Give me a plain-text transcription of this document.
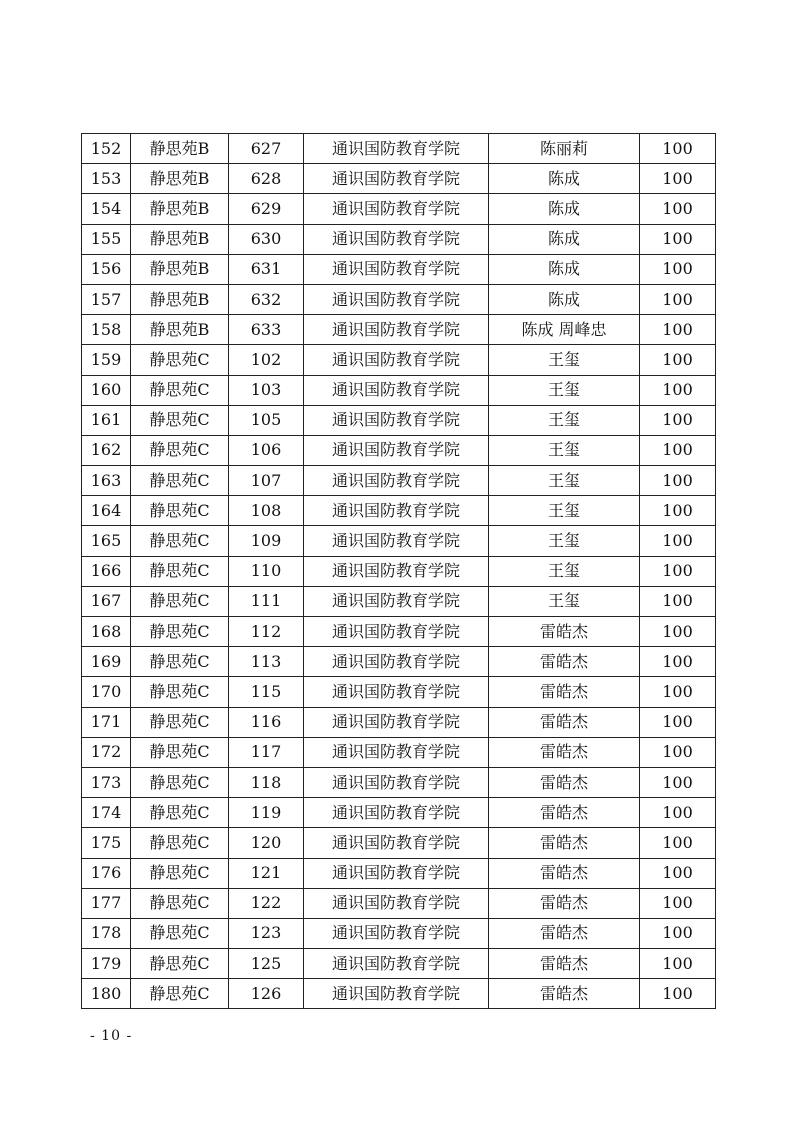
152	静思苑B	627	通识国防教育学院	陈丽莉	100
153	静思苑B	628	通识国防教育学院	陈成	100
154	静思苑B	629	通识国防教育学院	陈成	100
155	静思苑B	630	通识国防教育学院	陈成	100
156	静思苑B	631	通识国防教育学院	陈成	100
157	静思苑B	632	通识国防教育学院	陈成	100
158	静思苑B	633	通识国防教育学院	陈成 周峰忠	100
159	静思苑C	102	通识国防教育学院	王玺	100
160	静思苑C	103	通识国防教育学院	王玺	100
161	静思苑C	105	通识国防教育学院	王玺	100
162	静思苑C	106	通识国防教育学院	王玺	100
163	静思苑C	107	通识国防教育学院	王玺	100
164	静思苑C	108	通识国防教育学院	王玺	100
165	静思苑C	109	通识国防教育学院	王玺	100
166	静思苑C	110	通识国防教育学院	王玺	100
167	静思苑C	111	通识国防教育学院	王玺	100
168	静思苑C	112	通识国防教育学院	雷皓杰	100
169	静思苑C	113	通识国防教育学院	雷皓杰	100
170	静思苑C	115	通识国防教育学院	雷皓杰	100
171	静思苑C	116	通识国防教育学院	雷皓杰	100
172	静思苑C	117	通识国防教育学院	雷皓杰	100
173	静思苑C	118	通识国防教育学院	雷皓杰	100
174	静思苑C	119	通识国防教育学院	雷皓杰	100
175	静思苑C	120	通识国防教育学院	雷皓杰	100
176	静思苑C	121	通识国防教育学院	雷皓杰	100
177	静思苑C	122	通识国防教育学院	雷皓杰	100
178	静思苑C	123	通识国防教育学院	雷皓杰	100
179	静思苑C	125	通识国防教育学院	雷皓杰	100
180	静思苑C	126	通识国防教育学院	雷皓杰	100
- 10 -
